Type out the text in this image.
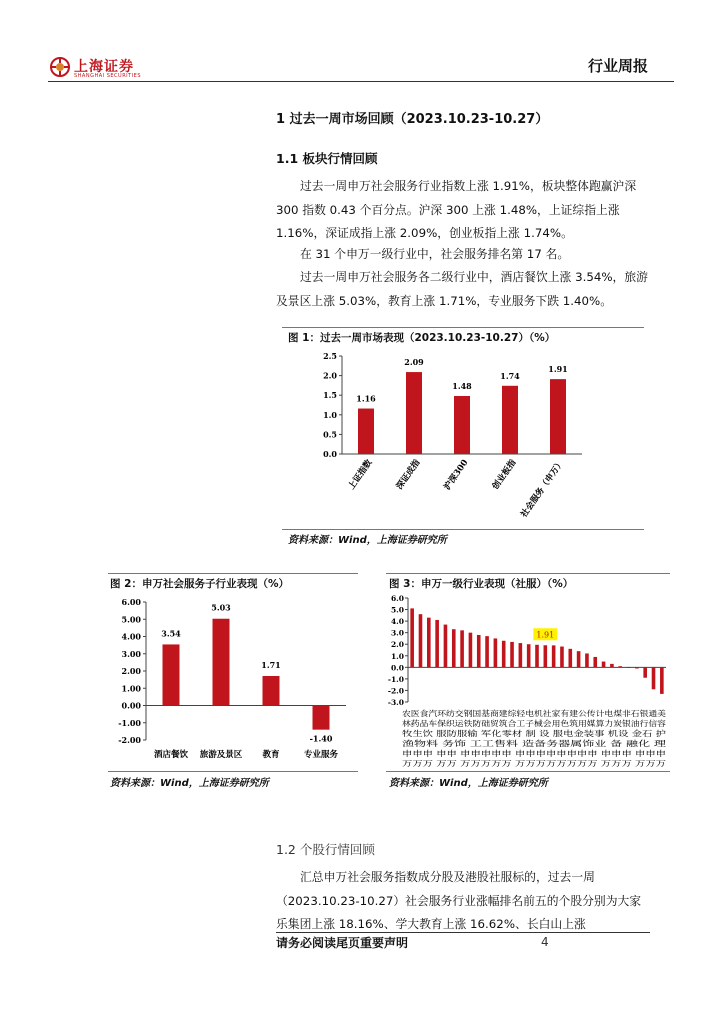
上海证券
SHANGHAI SECURITIES
行业周报
1 过去一周市场回顾（2023.10.23-10.27）
1.1 板块行情回顾
过去一周申万社会服务行业指数上涨 1.91%，板块整体跑赢沪深 300 指数 0.43 个百分点。沪深 300 上涨 1.48%，上证综指上涨 1.16%，深证成指上涨 2.09%，创业板指上涨 1.74%。
在 31 个申万一级行业中，社会服务排名第 17 名。
过去一周申万社会服务各二级行业中，酒店餐饮上涨 3.54%，旅游及景区上涨 5.03%，教育上涨 1.71%，专业服务下跌 1.40%。
图 1：过去一周市场表现（2023.10.23-10.27）（%）
0.0
0.5
1.0
1.5
2.0
2.5
1.16
上证指数
2.09
深证成指
1.48
沪深300
1.74
创业板指
1.91
社会服务（申万）
资料来源：Wind，上海证券研究所
图 2：申万社会服务子行业表现（%）
-2.00
-1.00
0.00
1.00
2.00
3.00
4.00
5.00
6.00
3.54
酒店餐饮
5.03
旅游及景区
1.71
教育
-1.40
专业服务
资料来源：Wind，上海证券研究所
图 3：申万一级行业表现（社服）（%）
-3.0
-2.0
-1.0
0.0
1.0
2.0
3.0
4.0
5.0
6.0
1.91
农医食汽环纺交钢国基商建综轻电机社家有建公传计电煤非石银通美
林药品车保织运铁防础贸筑合工子械会用色筑用媒算力炭银油行信容
牧生饮 服防服输 军化零材 制 设 服电金装事 机设 金石 护
渔物料 务饰 工工售料 造备务器属饰业 备 融化 理
申申申 申申 申申申申申 申申申申申申申申 申申申 申申申
万万万 万万 万万万万万 万万万万万万万万 万万万 万万万
资料来源：Wind，上海证券研究所
1.2 个股行情回顾
汇总申万社会服务指数成分股及港股社服标的，过去一周（2023.10.23-10.27）社会服务行业涨幅排名前五的个股分别为大家乐集团上涨 18.16%、学大教育上涨 16.62%、长白山上涨
请务必阅读尾页重要声明	4
